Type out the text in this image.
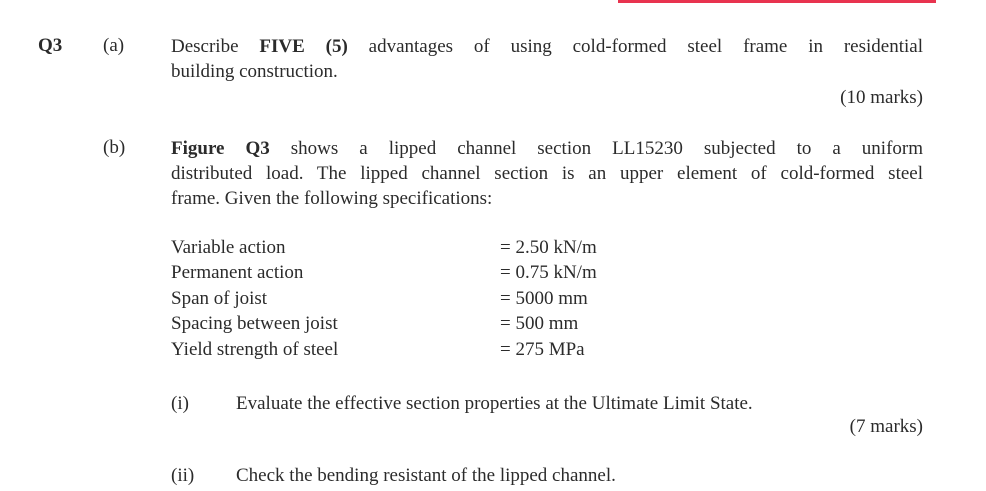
Q3 (a) Describe FIVE (5) advantages of using cold-formed steel frame in residential
building construction.
(10 marks)
(b) Figure Q3 shows a lipped channel section LL15230 subjected to a uniform
distributed load. The lipped channel section is an upper element of cold-formed steel
frame. Given the following specifications:
Variable action	= 2.50 kN/m
Permanent action	= 0.75 kN/m
Span of joist	= 5000 mm
Spacing between joist	= 500 mm
Yield strength of steel	= 275 MPa
(i) Evaluate the effective section properties at the Ultimate Limit State.
(7 marks)
(ii) Check the bending resistant of the lipped channel.
